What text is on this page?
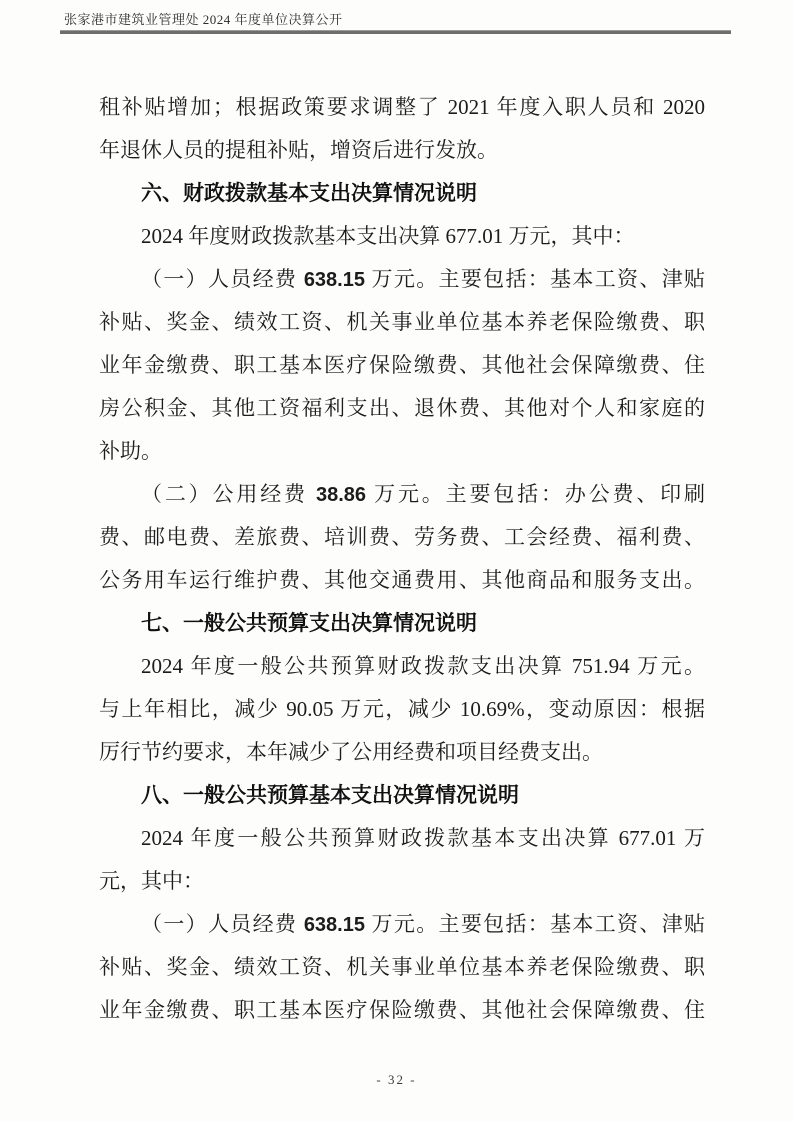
张家港市建筑业管理处 2024 年度单位决算公开
租补贴增加；根据政策要求调整了 2021 年度入职人员和 2020
年退休人员的提租补贴，增资后进行发放。
六、财政拨款基本支出决算情况说明
2024 年度财政拨款基本支出决算 677.01 万元，其中：
（一）人员经费 638.15 万元。主要包括：基本工资、津贴
补贴、奖金、绩效工资、机关事业单位基本养老保险缴费、职
业年金缴费、职工基本医疗保险缴费、其他社会保障缴费、住
房公积金、其他工资福利支出、退休费、其他对个人和家庭的
补助。
（二）公用经费 38.86 万元。主要包括：办公费、印刷
费、邮电费、差旅费、培训费、劳务费、工会经费、福利费、
公务用车运行维护费、其他交通费用、其他商品和服务支出。
七、一般公共预算支出决算情况说明
2024 年度一般公共预算财政拨款支出决算 751.94 万元。
与上年相比，减少 90.05 万元，减少 10.69%，变动原因：根据
厉行节约要求，本年减少了公用经费和项目经费支出。
八、一般公共预算基本支出决算情况说明
2024 年度一般公共预算财政拨款基本支出决算 677.01 万
元，其中：
（一）人员经费 638.15 万元。主要包括：基本工资、津贴
补贴、奖金、绩效工资、机关事业单位基本养老保险缴费、职
业年金缴费、职工基本医疗保险缴费、其他社会保障缴费、住
- 32 -
